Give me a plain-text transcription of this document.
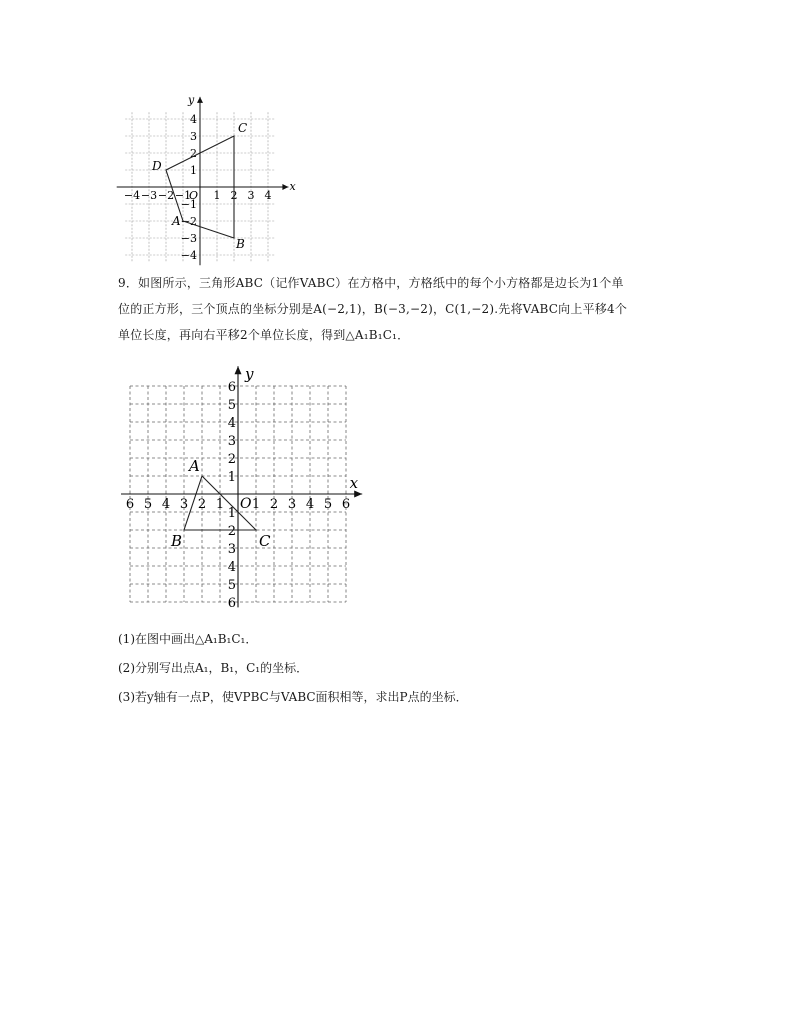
x
y
O
−4 −3 −2 −1 1 2 3 4
4
3
2
1
−1
−2
−3
−4
D
C
B
A
9．如图所示，三角形ABC（记作VABC）在方格中，方格纸中的每个小方格都是边长为1个单
位的正方形，三个顶点的坐标分别是A(−2,1)，B(−3,−2)，C(1,−2).先将VABC向上平移4个
单位长度，再向右平移2个单位长度，得到△A₁B₁C₁．
x
y
O
6 5 4 3 2 1 1 2 3 4 5 6
6
5
4
3
2
1
1
2
3
4
5
6
A
B	C
(1)在图中画出△A₁B₁C₁．
(2)分别写出点A₁，B₁，C₁的坐标．
(3)若y轴有一点P，使VPBC与VABC面积相等，求出P点的坐标．
